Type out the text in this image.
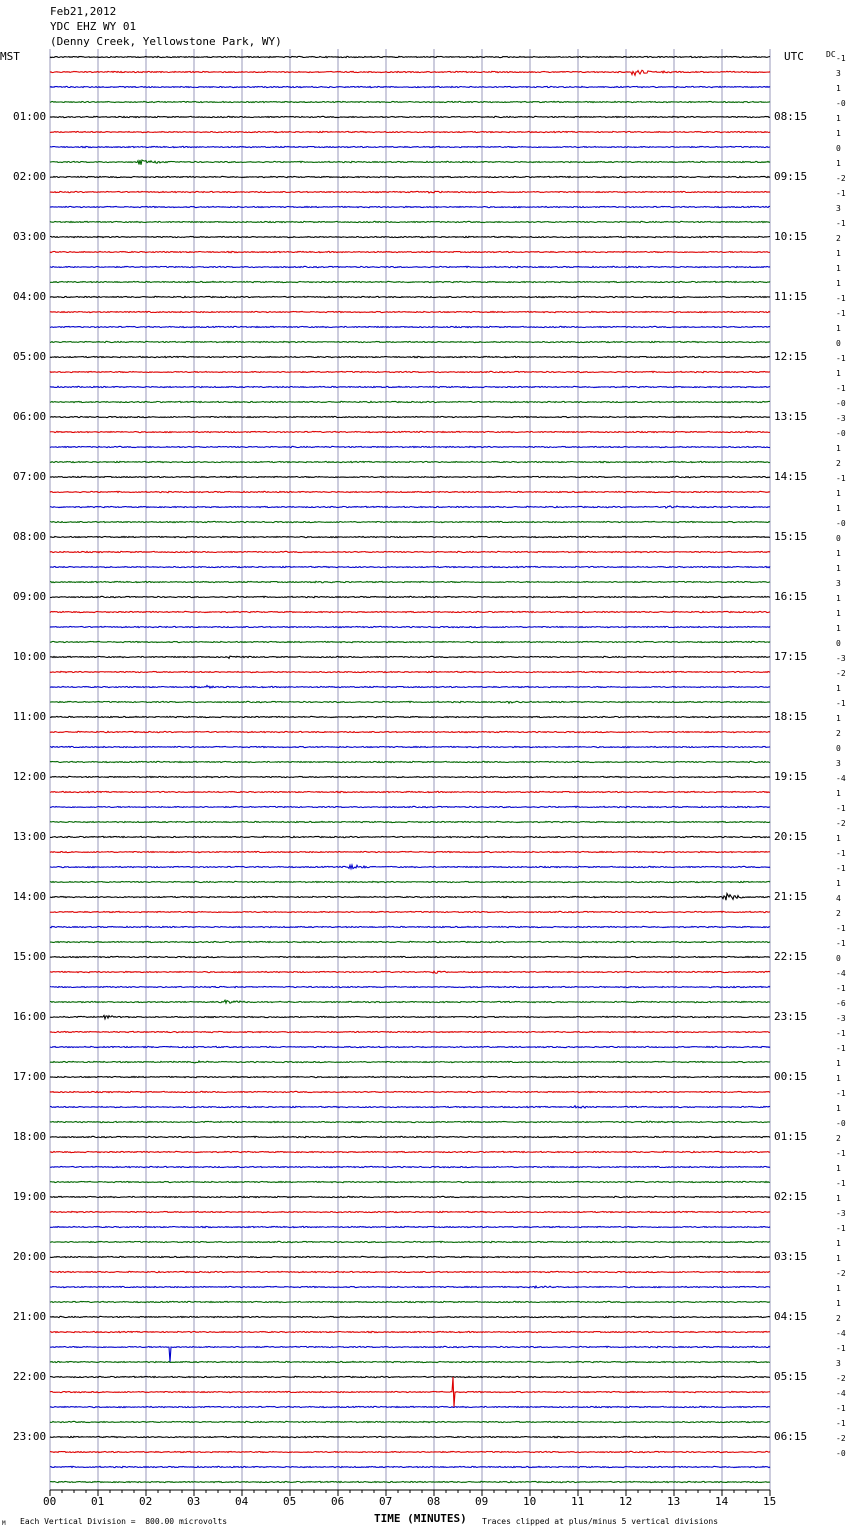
Feb21,2012
YDC EHZ WY 01
(Denny Creek, Yellowstone Park, WY)
MST	UTC	DC
01:00
02:00
03:00
04:00
05:00
06:00
07:00
08:00
09:00
10:00
11:00
12:00
13:00
14:00
15:00
16:00
17:00
18:00
19:00
20:00
21:00
22:00
23:00
08:15
09:15
10:15
11:15
12:15
13:15
14:15
15:15
16:15
17:15
18:15
19:15
20:15
21:15
22:15
23:15
00:15
01:15
02:15
03:15
04:15
05:15
06:15
-1
3
1
-0
1
1
0
1
-2
-1
3
-1
2
1
1
1
-1
-1
1
0
-1
1
-1
-0
-3
-0
1
2
-1
1
1
-0
0
1
1
3
1
1
1
0
-3
-2
1
-1
1
2
0
3
-4
1
-1
-2
1
-1
-1
1
4
2
-1
-1
0
-4
-1
-6
-3
-1
-1
1
1
-1
1
-0
2
-1
1
-1
1
-3
-1
1
1
-2
1
1
2
-4
-1
3
-2
-4
-1
-1
-2
-0
00	01	02	03	04	05	06	07	08	09	10	11	12	13	14	15
M Each Vertical Division =  800.00 microvolts	TIME (MINUTES) Traces clipped at plus/minus 5 vertical divisions
